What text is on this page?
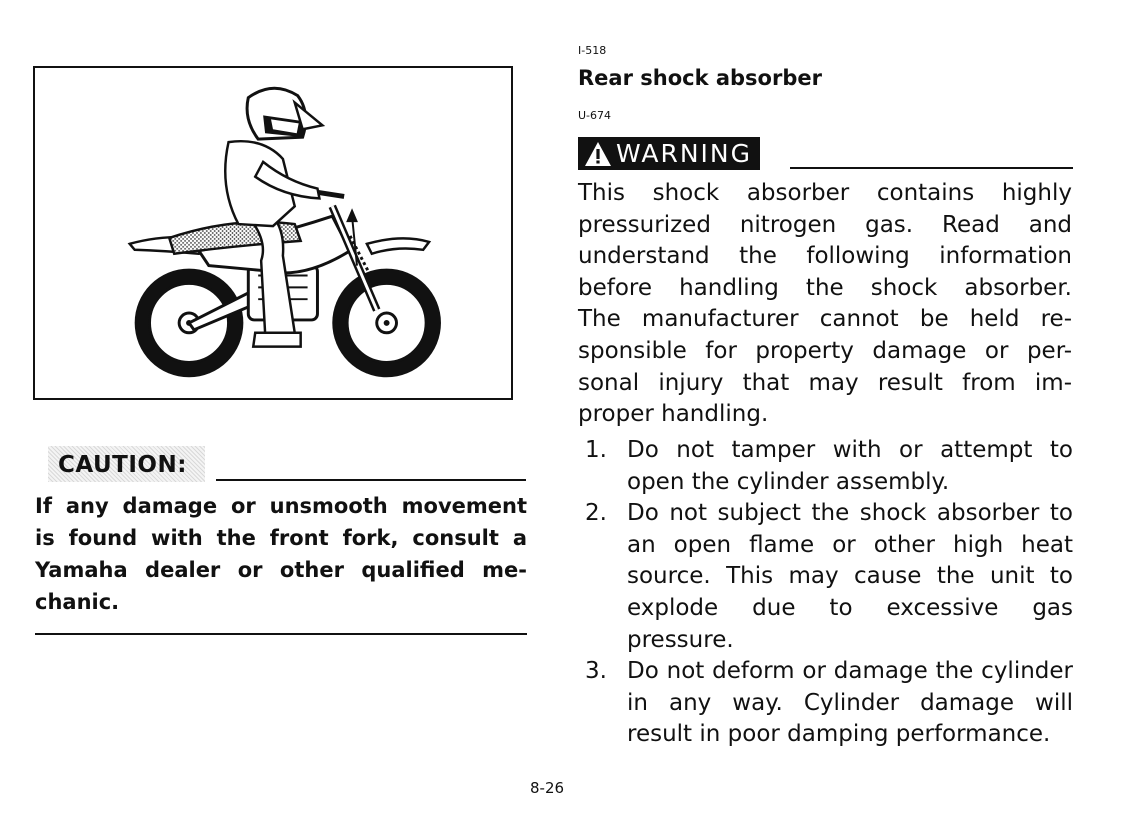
CAUTION:

If any damage or unsmooth movement
is found with the front fork, consult a
Yamaha dealer or other qualified me-
chanic.

I-518
Rear shock absorber
U-674
WARNING

This shock absorber contains highly
pressurized nitrogen gas. Read and
understand the following information
before handling the shock absorber.
The manufacturer cannot be held re-
sponsible for property damage or per-
sonal injury that may result from im-
proper handling.

1. Do not tamper with or attempt to open the cylinder assembly.
2. Do not subject the shock absorber to an open flame or other high heat source. This may cause the unit to explode due to excessive gas pressure.
3. Do not deform or damage the cylinder in any way. Cylinder damage will result in poor damping performance.
8-26
